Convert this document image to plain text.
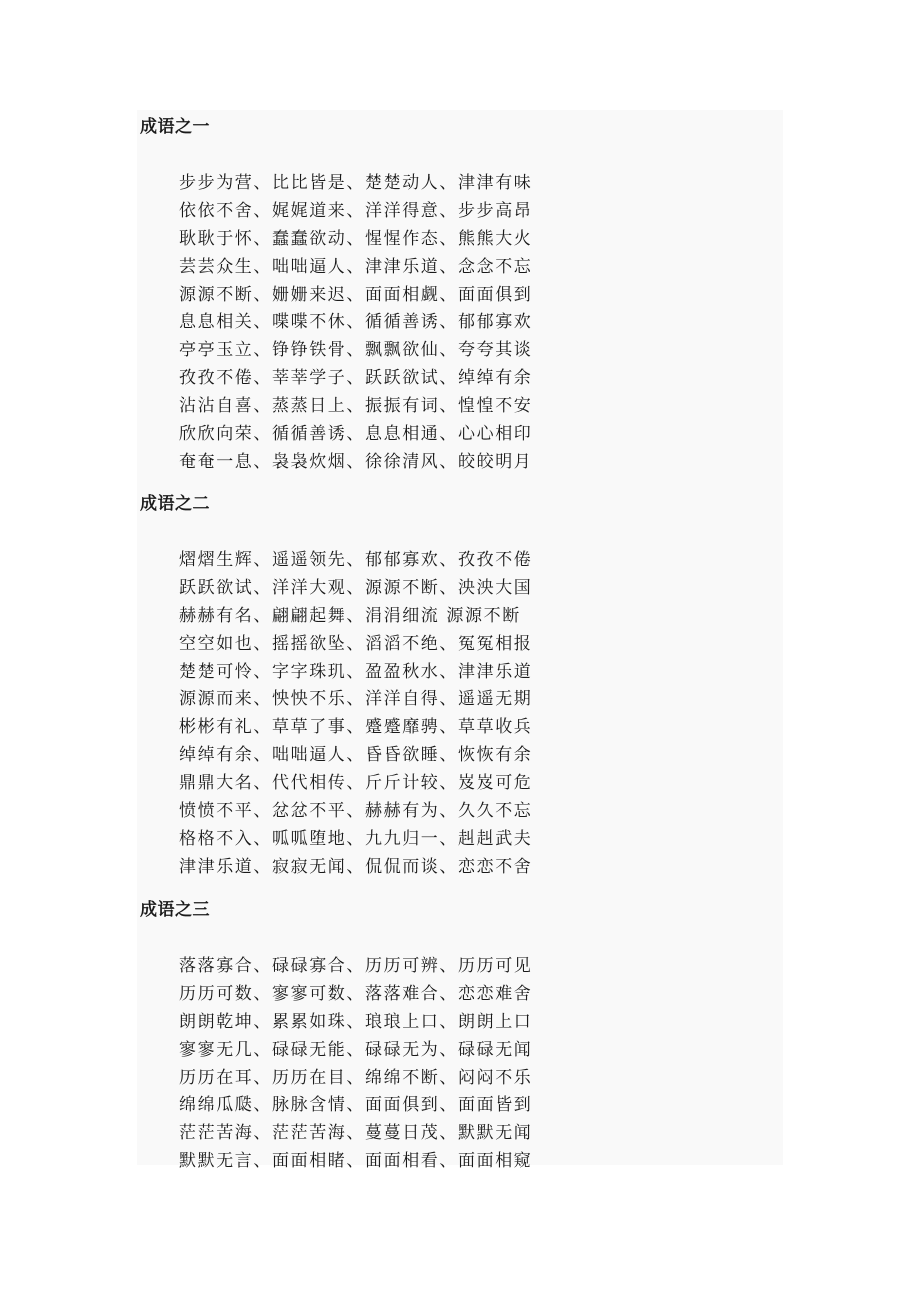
成语之一
步步为营、比比皆是、楚楚动人、津津有味
依依不舍、娓娓道来、洋洋得意、步步高昂
耿耿于怀、蠢蠢欲动、惺惺作态、熊熊大火
芸芸众生、咄咄逼人、津津乐道、念念不忘
源源不断、姗姗来迟、面面相觑、面面俱到
息息相关、喋喋不休、循循善诱、郁郁寡欢
亭亭玉立、铮铮铁骨、飘飘欲仙、夸夸其谈
孜孜不倦、莘莘学子、跃跃欲试、绰绰有余
沾沾自喜、蒸蒸日上、振振有词、惶惶不安
欣欣向荣、循循善诱、息息相通、心心相印
奄奄一息、袅袅炊烟、徐徐清风、皎皎明月
成语之二
熠熠生辉、遥遥领先、郁郁寡欢、孜孜不倦
跃跃欲试、洋洋大观、源源不断、泱泱大国
赫赫有名、翩翩起舞、涓涓细流 源源不断
空空如也、摇摇欲坠、滔滔不绝、冤冤相报
楚楚可怜、字字珠玑、盈盈秋水、津津乐道
源源而来、怏怏不乐、洋洋自得、遥遥无期
彬彬有礼、草草了事、蹙蹙靡骋、草草收兵
绰绰有余、咄咄逼人、昏昏欲睡、恢恢有余
鼎鼎大名、代代相传、斤斤计较、岌岌可危
愤愤不平、忿忿不平、赫赫有为、久久不忘
格格不入、呱呱堕地、九九归一、赳赳武夫
津津乐道、寂寂无闻、侃侃而谈、恋恋不舍
成语之三
落落寡合、碌碌寡合、历历可辨、历历可见
历历可数、寥寥可数、落落难合、恋恋难舍
朗朗乾坤、累累如珠、琅琅上口、朗朗上口
寥寥无几、碌碌无能、碌碌无为、碌碌无闻
历历在耳、历历在目、绵绵不断、闷闷不乐
绵绵瓜瓞、脉脉含情、面面俱到、面面皆到
茫茫苦海、茫茫苦海、蔓蔓日茂、默默无闻
默默无言、面面相睹、面面相看、面面相窥
